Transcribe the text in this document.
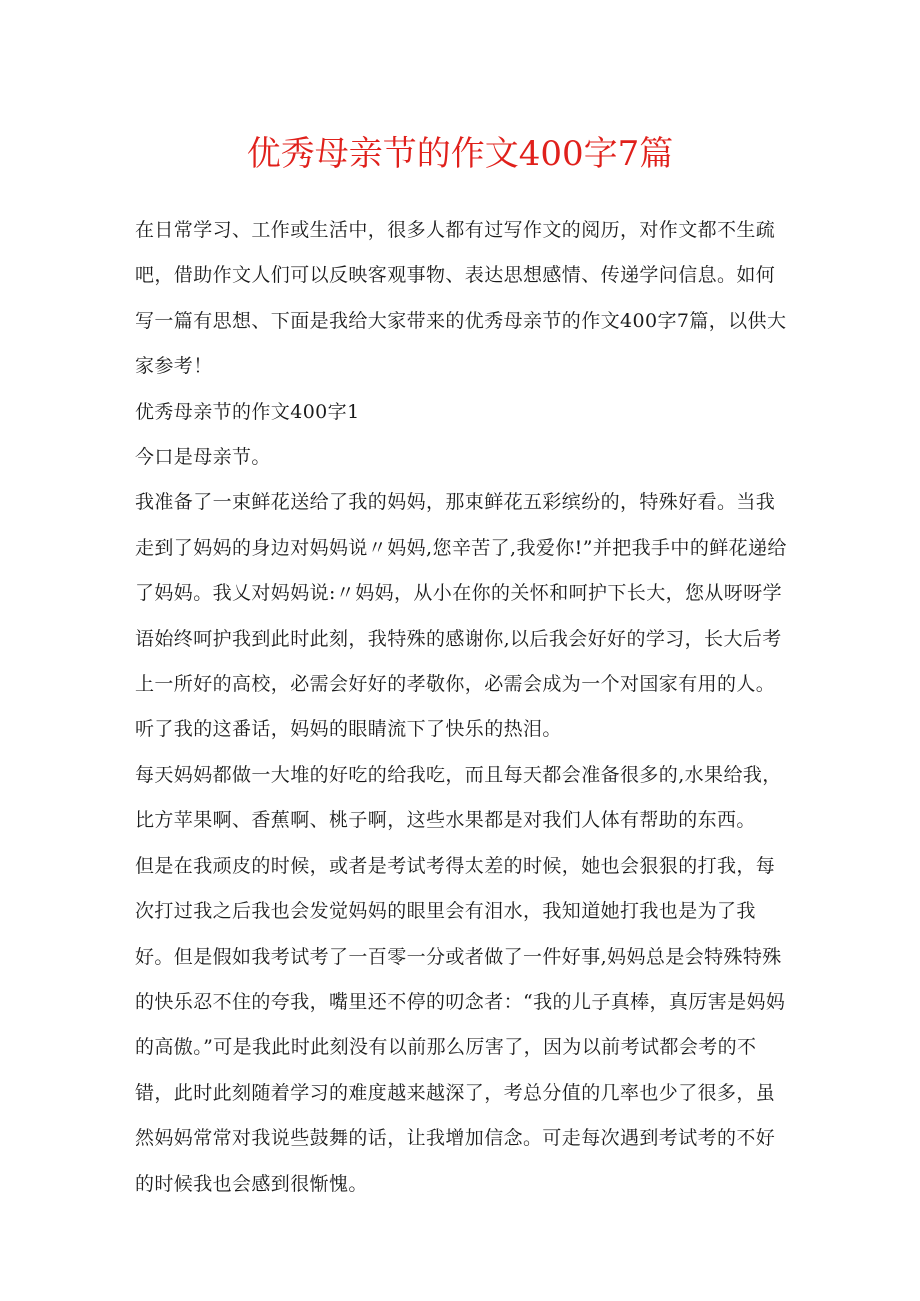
优秀母亲节的作文400字7篇

在日常学习、工作或生活中，很多人都有过写作文的阅历，对作文都不生疏吧，借助作文人们可以反映客观事物、表达思想感情、传递学问信息。如何写一篇有思想、下面是我给大家带来的优秀母亲节的作文400字7篇，以供大家参考！

优秀母亲节的作文400字1

今口是母亲节。

我准备了一束鲜花送给了我的妈妈，那束鲜花五彩缤纷的，特殊好看。当我走到了妈妈的身边对妈妈说〃妈妈,您辛苦了,我爱你!”并把我手中的鲜花递给了妈妈。我乂对妈妈说:〃妈妈，从小在你的关怀和呵护下长大，您从呀呀学语始终呵护我到此时此刻，我特殊的感谢你,以后我会好好的学习，长大后考上一所好的高校，必需会好好的孝敬你，必需会成为一个对国家有用的人。听了我的这番话，妈妈的眼睛流下了快乐的热泪。

每天妈妈都做一大堆的好吃的给我吃，而且每天都会准备很多的,水果给我，比方苹果啊、香蕉啊、桃子啊，这些水果都是对我们人体有帮助的东西。

但是在我顽皮的时候，或者是考试考得太差的时候，她也会狠狠的打我，每次打过我之后我也会发觉妈妈的眼里会有泪水，我知道她打我也是为了我好。但是假如我考试考了一百零一分或者做了一件好事,妈妈总是会特殊特殊的快乐忍不住的夸我，嘴里还不停的叨念者：“我的儿子真棒，真厉害是妈妈的高傲。”可是我此时此刻没有以前那么厉害了，因为以前考试都会考的不错，此时此刻随着学习的难度越来越深了，考总分值的几率也少了很多，虽然妈妈常常对我说些鼓舞的话，让我增加信念。可走每次遇到考试考的不好的时候我也会感到很惭愧。
